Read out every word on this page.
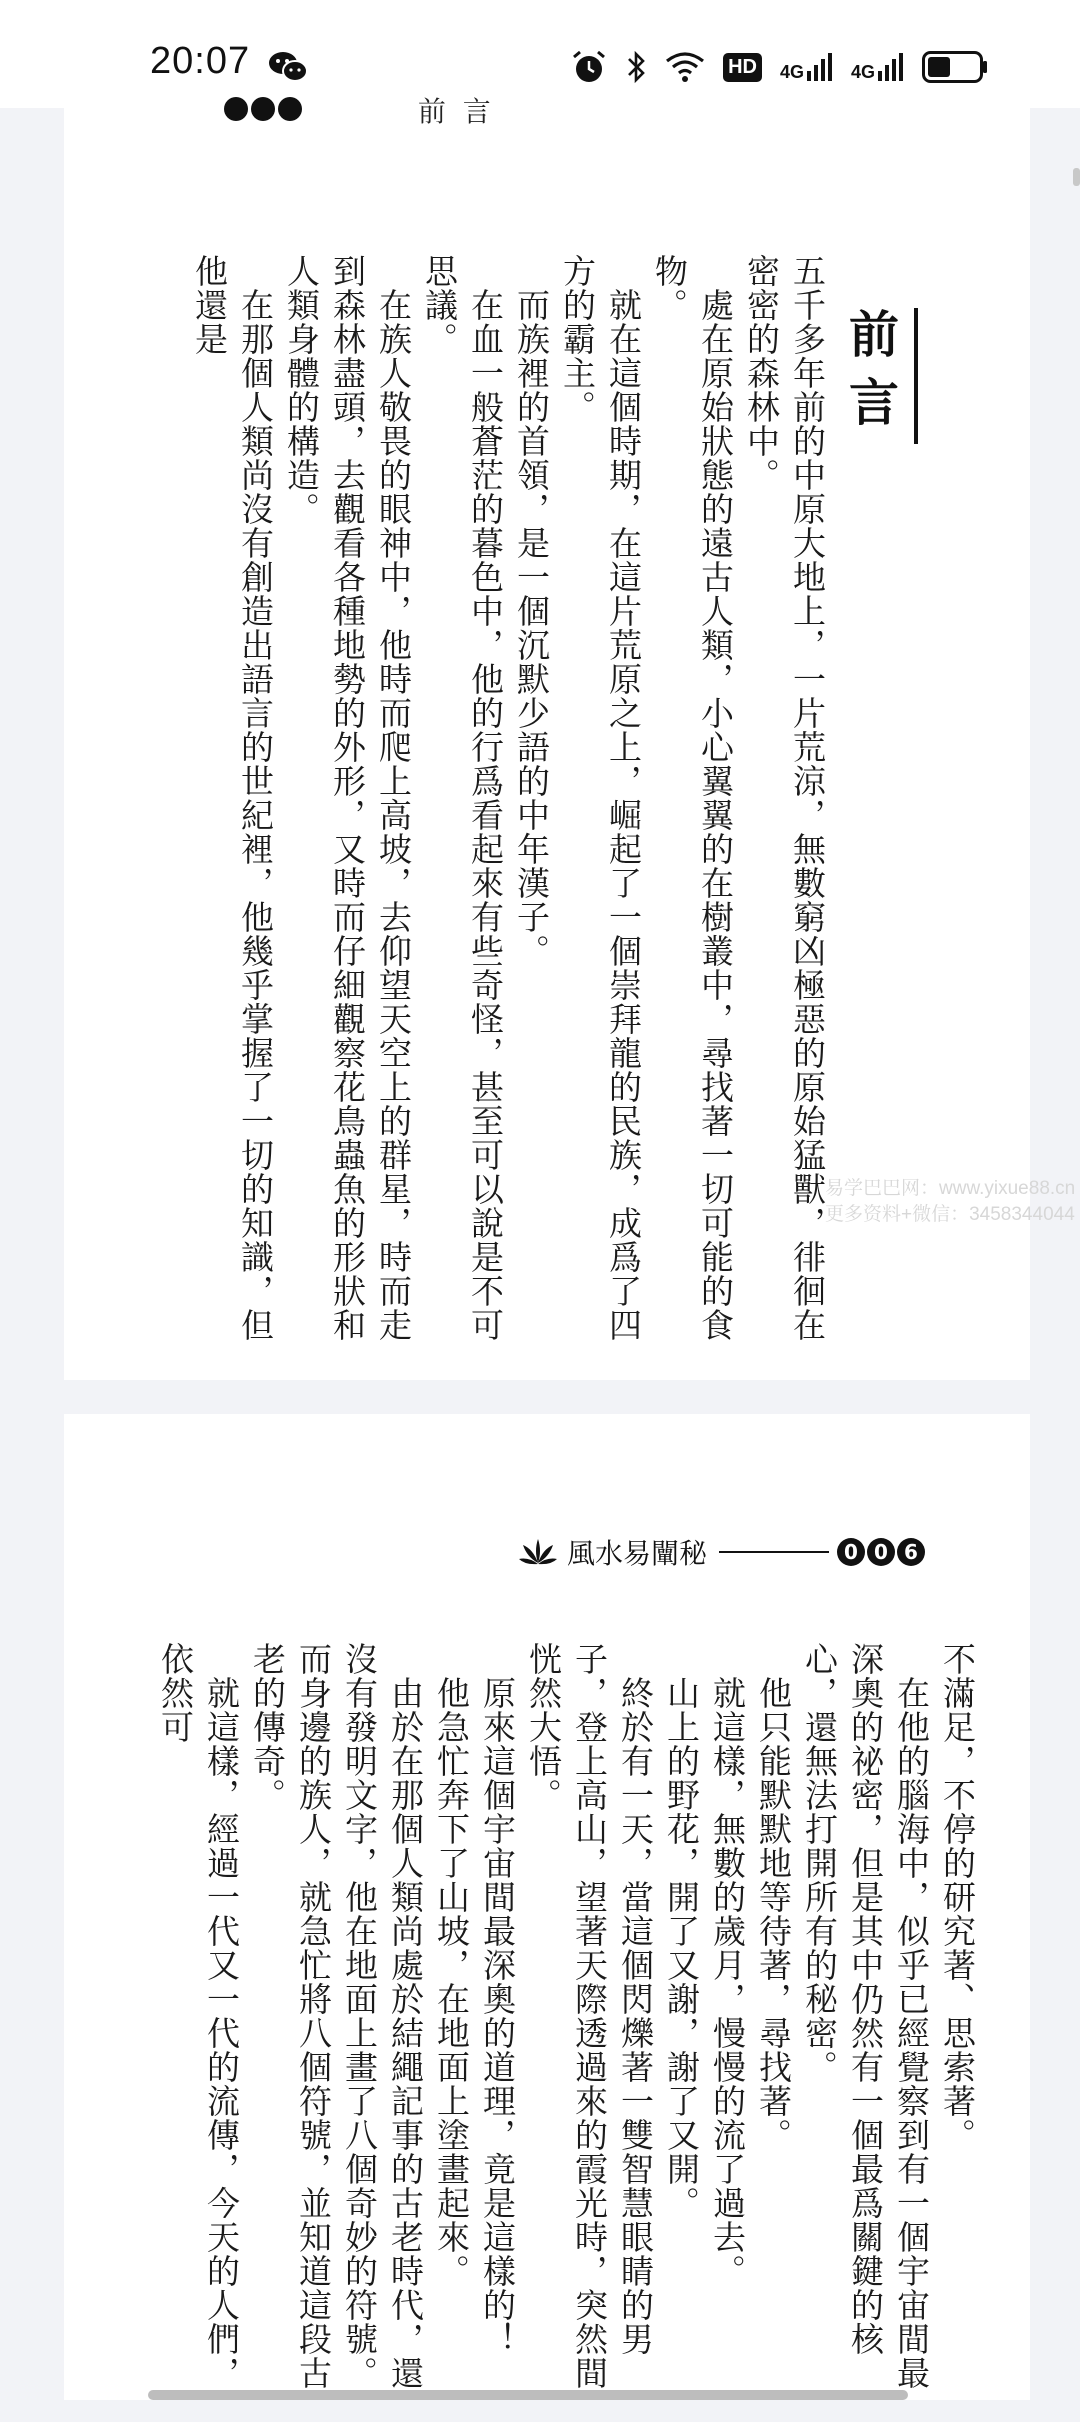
20:07	HD 4G	4G
前 言
前言
五千多年前的中原大地上，一片荒涼，無數窮凶極惡的原始猛獸，徘徊在密密的森林中。
　處在原始狀態的遠古人類，小心翼翼的在樹叢中，尋找著一切可能的食物。
　就在這個時期，在這片荒原之上，崛起了一個崇拜龍的民族，成爲了四方的霸主。
　而族裡的首領，是一個沉默少語的中年漢子。
　在血一般蒼茫的暮色中，他的行爲看起來有些奇怪，甚至可以說是不可思議。
　在族人敬畏的眼神中，他時而爬上高坡，去仰望天空上的群星，時而走到森林盡頭，去觀看各種地勢的外形，又時而仔細觀察花鳥蟲魚的形狀和人類身體的構造。
　在那個人類尚沒有創造出語言的世紀裡，他幾乎掌握了一切的知識，但他還是
風水易闡秘	0 0 6
不滿足，不停的研究著、思索著。
　在他的腦海中，似乎已經覺察到有一個宇宙間最深奧的祕密，但是其中仍然有一個最爲關鍵的核心，還無法打開所有的秘密。
　他只能默默地等待著，尋找著。
　就這樣，無數的歲月，慢慢的流了過去。
　山上的野花，開了又謝，謝了又開。
　終於有一天，當這個閃爍著一雙智慧眼睛的男子，登上高山，望著天際透過來的霞光時，突然間恍然大悟。
　原來這個宇宙間最深奧的道理，竟是這樣的！
　他急忙奔下了山坡，在地面上塗畫起來。
　由於在那個人類尚處於結繩記事的古老時代，還沒有發明文字，他在地面上畫了八個奇妙的符號。而身邊的族人，就急忙將八個符號，並知道這段古老的傳奇。
　就這樣，經過一代又一代的流傳，今天的人們，依然可
易学巴巴网：www.yixue88.cn
更多资料+微信：3458344044
